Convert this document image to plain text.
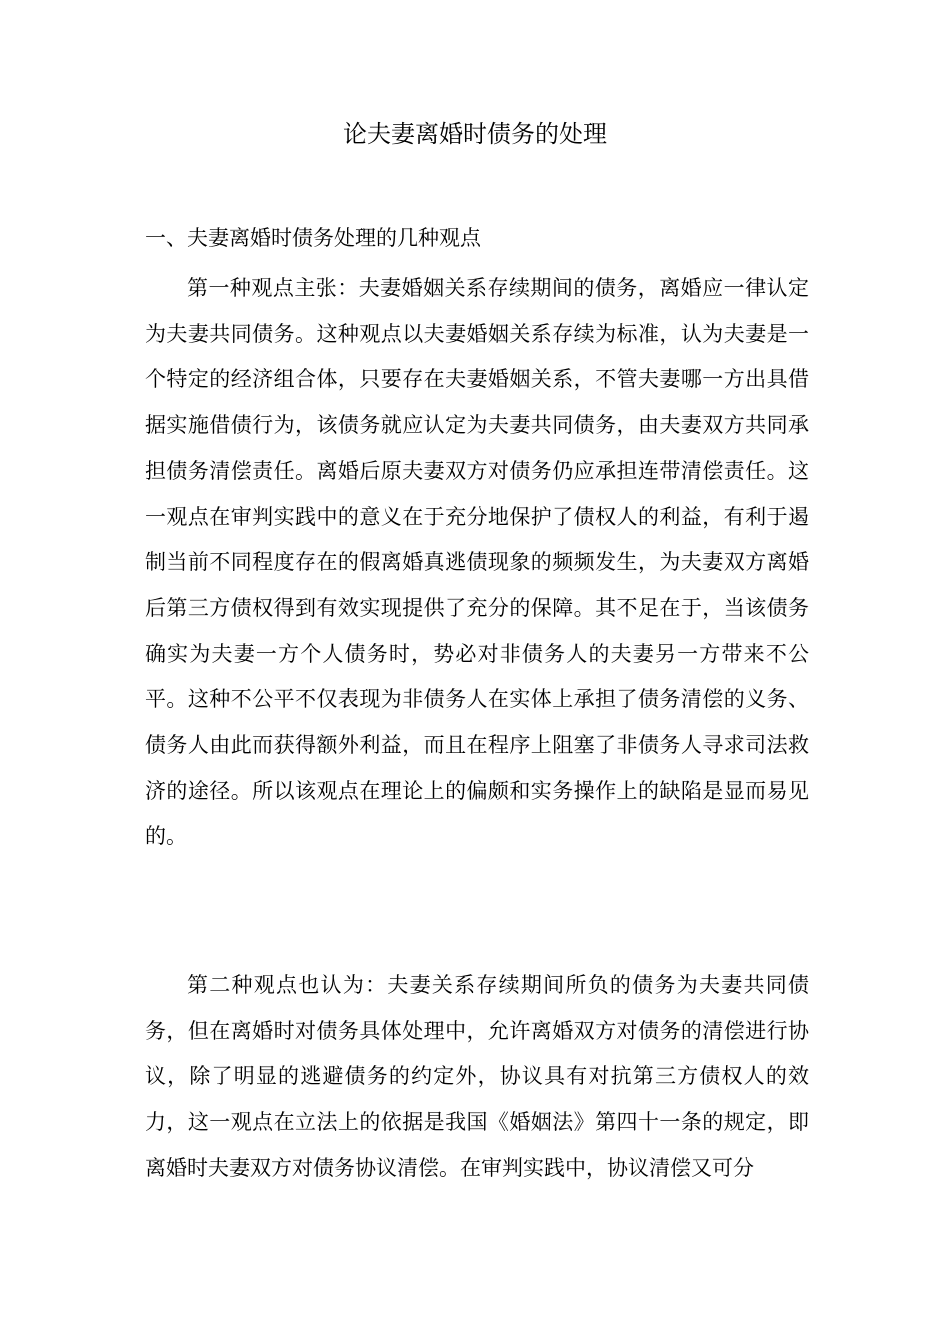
论夫妻离婚时债务的处理
一、夫妻离婚时债务处理的几种观点

第一种观点主张：夫妻婚姻关系存续期间的债务，离婚应一律认定为夫妻共同债务。这种观点以夫妻婚姻关系存续为标准，认为夫妻是一个特定的经济组合体，只要存在夫妻婚姻关系，不管夫妻哪一方出具借据实施借债行为，该债务就应认定为夫妻共同债务，由夫妻双方共同承担债务清偿责任。离婚后原夫妻双方对债务仍应承担连带清偿责任。这一观点在审判实践中的意义在于充分地保护了债权人的利益，有利于遏制当前不同程度存在的假离婚真逃债现象的频频发生，为夫妻双方离婚后第三方债权得到有效实现提供了充分的保障。其不足在于，当该债务确实为夫妻一方个人债务时，势必对非债务人的夫妻另一方带来不公平。这种不公平不仅表现为非债务人在实体上承担了债务清偿的义务、债务人由此而获得额外利益，而且在程序上阻塞了非债务人寻求司法救济的途径。所以该观点在理论上的偏颇和实务操作上的缺陷是显而易见的。

第二种观点也认为：夫妻关系存续期间所负的债务为夫妻共同债务，但在离婚时对债务具体处理中，允许离婚双方对债务的清偿进行协议，除了明显的逃避债务的约定外，协议具有对抗第三方债权人的效力，这一观点在立法上的依据是我国《婚姻法》第四十一条的规定，即离婚时夫妻双方对债务协议清偿。在审判实践中，协议清偿又可分
